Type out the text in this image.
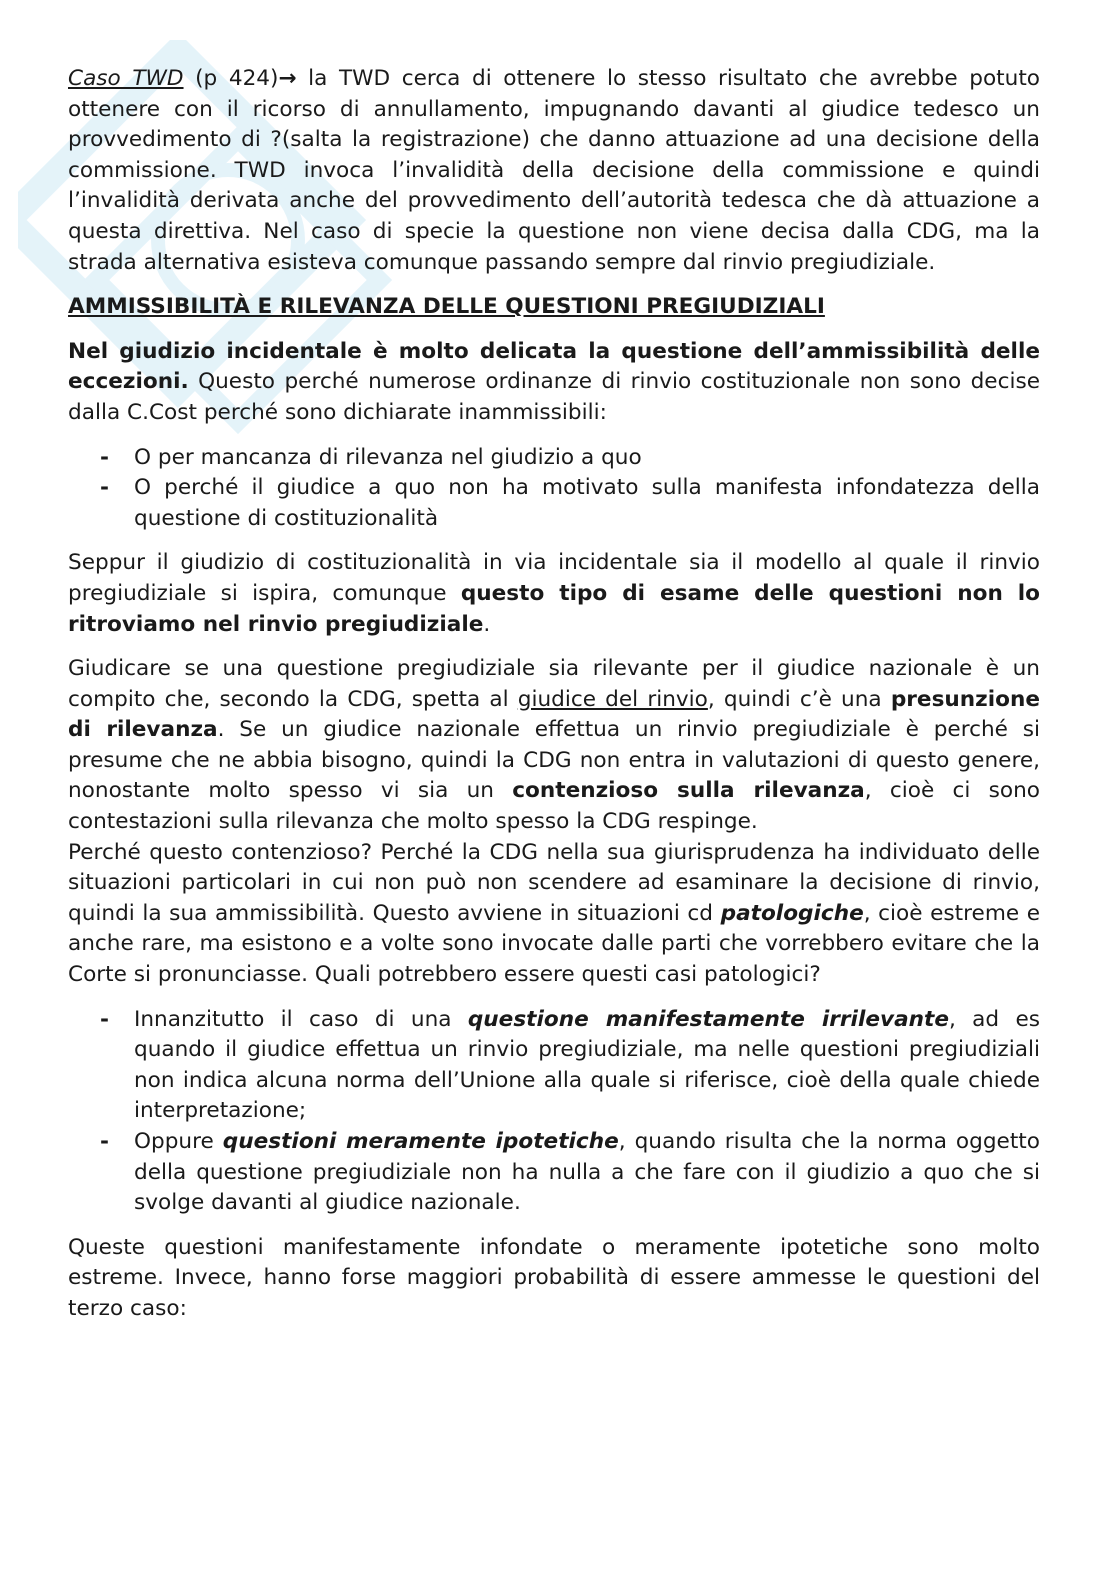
Caso TWD (p 424)→ la TWD cerca di ottenere lo stesso risultato che avrebbe potuto ottenere con il ricorso di annullamento, impugnando davanti al giudice tedesco un provvedimento di ?(salta la registrazione) che danno attuazione ad una decisione della commissione. TWD invoca l’invalidità della decisione della commissione e quindi l’invalidità derivata anche del provvedimento dell’autorità tedesca che dà attuazione a questa direttiva. Nel caso di specie la questione non viene decisa dalla CDG, ma la strada alternativa esisteva comunque passando sempre dal rinvio pregiudiziale.

AMMISSIBILITÀ E RILEVANZA DELLE QUESTIONI PREGIUDIZIALI

Nel giudizio incidentale è molto delicata la questione dell’ammissibilità delle eccezioni. Questo perché numerose ordinanze di rinvio costituzionale non sono decise dalla C.Cost perché sono dichiarate inammissibili:

- O per mancanza di rilevanza nel giudizio a quo
- O perché il giudice a quo non ha motivato sulla manifesta infondatezza della questione di costituzionalità

Seppur il giudizio di costituzionalità in via incidentale sia il modello al quale il rinvio pregiudiziale si ispira, comunque questo tipo di esame delle questioni non lo ritroviamo nel rinvio pregiudiziale.

Giudicare se una questione pregiudiziale sia rilevante per il giudice nazionale è un compito che, secondo la CDG, spetta al giudice del rinvio, quindi c’è una presunzione di rilevanza. Se un giudice nazionale effettua un rinvio pregiudiziale è perché si presume che ne abbia bisogno, quindi la CDG non entra in valutazioni di questo genere, nonostante molto spesso vi sia un contenzioso sulla rilevanza, cioè ci sono contestazioni sulla rilevanza che molto spesso la CDG respinge.
Perché questo contenzioso? Perché la CDG nella sua giurisprudenza ha individuato delle situazioni particolari in cui non può non scendere ad esaminare la decisione di rinvio, quindi la sua ammissibilità. Questo avviene in situazioni cd patologiche, cioè estreme e anche rare, ma esistono e a volte sono invocate dalle parti che vorrebbero evitare che la Corte si pronunciasse. Quali potrebbero essere questi casi patologici?

- Innanzitutto il caso di una questione manifestamente irrilevante, ad es quando il giudice effettua un rinvio pregiudiziale, ma nelle questioni pregiudiziali non indica alcuna norma dell’Unione alla quale si riferisce, cioè della quale chiede interpretazione;
- Oppure questioni meramente ipotetiche, quando risulta che la norma oggetto della questione pregiudiziale non ha nulla a che fare con il giudizio a quo che si svolge davanti al giudice nazionale.

Queste questioni manifestamente infondate o meramente ipotetiche sono molto estreme. Invece, hanno forse maggiori probabilità di essere ammesse le questioni del terzo caso:
